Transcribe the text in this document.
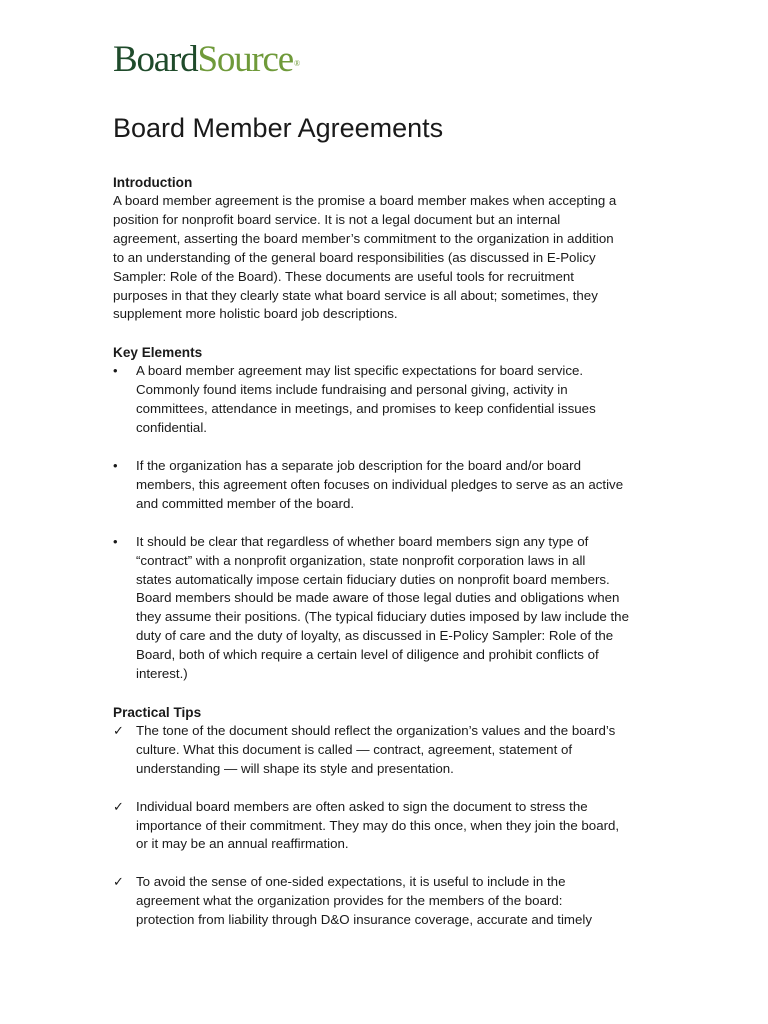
BoardSource®
Board Member Agreements
Introduction
A board member agreement is the promise a board member makes when accepting a
position for nonprofit board service. It is not a legal document but an internal
agreement, asserting the board member’s commitment to the organization in addition
to an understanding of the general board responsibilities (as discussed in E-Policy
Sampler: Role of the Board). These documents are useful tools for recruitment
purposes in that they clearly state what board service is all about; sometimes, they
supplement more holistic board job descriptions.
Key Elements
•	A board member agreement may list specific expectations for board service.
Commonly found items include fundraising and personal giving, activity in
committees, attendance in meetings, and promises to keep confidential issues
confidential.
•	If the organization has a separate job description for the board and/or board
members, this agreement often focuses on individual pledges to serve as an active
and committed member of the board.
•	It should be clear that regardless of whether board members sign any type of
“contract” with a nonprofit organization, state nonprofit corporation laws in all
states automatically impose certain fiduciary duties on nonprofit board members.
Board members should be made aware of those legal duties and obligations when
they assume their positions. (The typical fiduciary duties imposed by law include the
duty of care and the duty of loyalty, as discussed in E-Policy Sampler: Role of the
Board, both of which require a certain level of diligence and prohibit conflicts of
interest.)
Practical Tips
✓ The tone of the document should reflect the organization’s values and the board’s
culture. What this document is called — contract, agreement, statement of
understanding — will shape its style and presentation.
✓ Individual board members are often asked to sign the document to stress the
importance of their commitment. They may do this once, when they join the board,
or it may be an annual reaffirmation.
✓ To avoid the sense of one-sided expectations, it is useful to include in the
agreement what the organization provides for the members of the board:
protection from liability through D&O insurance coverage, accurate and timely
